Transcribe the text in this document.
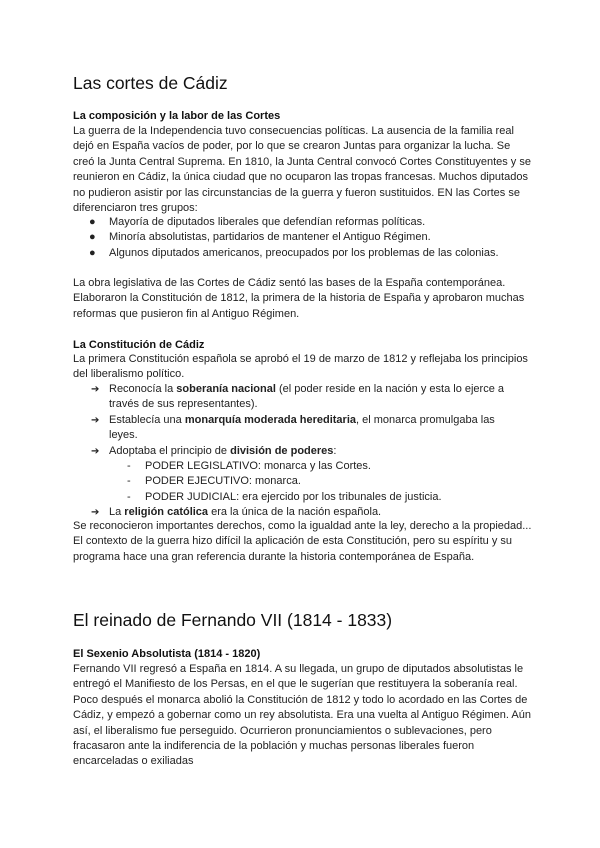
Las cortes de Cádiz
La composición y la labor de las Cortes
La guerra de la Independencia tuvo consecuencias políticas. La ausencia de la familia real dejó en España vacíos de poder, por lo que se crearon Juntas para organizar la lucha. Se creó la Junta Central Suprema. En 1810, la Junta Central convocó Cortes Constituyentes y se reunieron en Cádiz, la única ciudad que no ocuparon las tropas francesas. Muchos diputados no pudieron asistir por las circunstancias de la guerra y fueron sustituidos. EN las Cortes se diferenciaron tres grupos:
● Mayoría de diputados liberales que defendían reformas políticas.
● Minoría absolutistas, partidarios de mantener el Antiguo Régimen.
● Algunos diputados americanos, preocupados por los problemas de las colonias.
La obra legislativa de las Cortes de Cádiz sentó las bases de la España contemporánea. Elaboraron la Constitución de 1812, la primera de la historia de España y aprobaron muchas reformas que pusieron fin al Antiguo Régimen.
La Constitución de Cádiz
La primera Constitución española se aprobó el 19 de marzo de 1812 y reflejaba los principios del liberalismo político.
➔ Reconocía la soberanía nacional (el poder reside en la nación y esta lo ejerce a través de sus representantes).
➔ Establecía una monarquía moderada hereditaria, el monarca promulgaba las leyes.
➔ Adoptaba el principio de división de poderes:
- PODER LEGISLATIVO: monarca y las Cortes.
- PODER EJECUTIVO: monarca.
- PODER JUDICIAL: era ejercido por los tribunales de justicia.
➔ La religión católica era la única de la nación española.
Se reconocieron importantes derechos, como la igualdad ante la ley, derecho a la propiedad... El contexto de la guerra hizo difícil la aplicación de esta Constitución, pero su espíritu y su programa hace una gran referencia durante la historia contemporánea de España.
El reinado de Fernando VII (1814 - 1833)
El Sexenio Absolutista (1814 - 1820)
Fernando VII regresó a España en 1814. A su llegada, un grupo de diputados absolutistas le entregó el Manifiesto de los Persas, en el que le sugerían que restituyera la soberanía real. Poco después el monarca abolió la Constitución de 1812 y todo lo acordado en las Cortes de Cádiz, y empezó a gobernar como un rey absolutista. Era una vuelta al Antiguo Régimen. Aún así, el liberalismo fue perseguido. Ocurrieron pronunciamientos o sublevaciones, pero fracasaron ante la indiferencia de la población y muchas personas liberales fueron encarceladas o exiliadas
